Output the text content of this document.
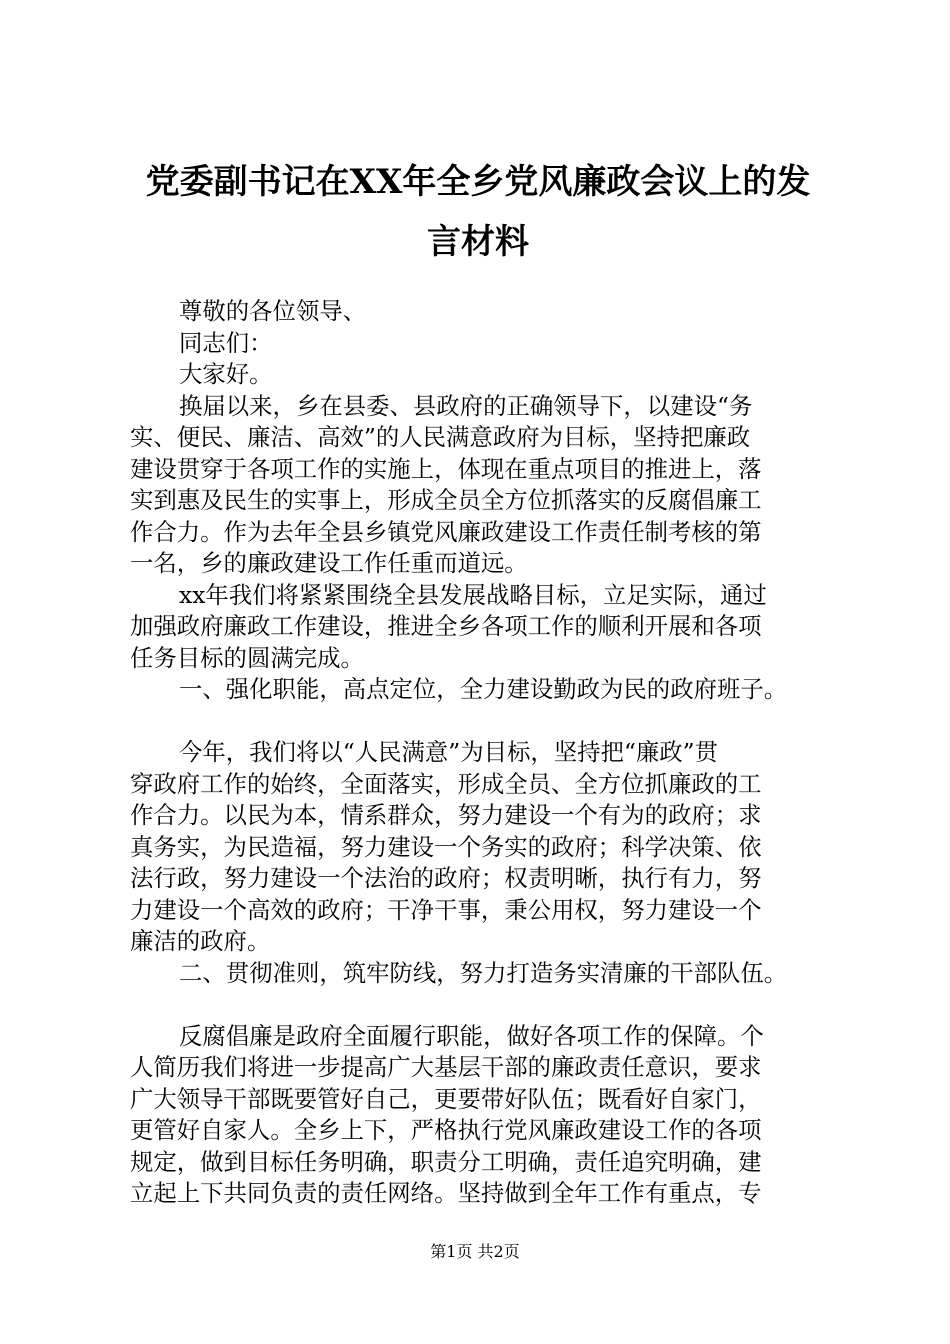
党委副书记在XX年全乡党风廉政会议上的发
言材料
尊敬的各位领导、
同志们：
大家好。
换届以来，乡在县委、县政府的正确领导下，以建设“务
实、便民、廉洁、高效”的人民满意政府为目标，坚持把廉政
建设贯穿于各项工作的实施上，体现在重点项目的推进上，落
实到惠及民生的实事上，形成全员全方位抓落实的反腐倡廉工
作合力。作为去年全县乡镇党风廉政建设工作责任制考核的第
一名，乡的廉政建设工作任重而道远。
xx年我们将紧紧围绕全县发展战略目标，立足实际，通过
加强政府廉政工作建设，推进全乡各项工作的顺利开展和各项
任务目标的圆满完成。
一、强化职能，高点定位，全力建设勤政为民的政府班子。
今年，我们将以“人民满意”为目标，坚持把“廉政”贯
穿政府工作的始终，全面落实，形成全员、全方位抓廉政的工
作合力。以民为本，情系群众，努力建设一个有为的政府；求
真务实，为民造福，努力建设一个务实的政府；科学决策、依
法行政，努力建设一个法治的政府；权责明晰，执行有力，努
力建设一个高效的政府；干净干事，秉公用权，努力建设一个
廉洁的政府。
二、贯彻准则，筑牢防线，努力打造务实清廉的干部队伍。
反腐倡廉是政府全面履行职能，做好各项工作的保障。个
人简历我们将进一步提高广大基层干部的廉政责任意识，要求
广大领导干部既要管好自己，更要带好队伍；既看好自家门，
更管好自家人。全乡上下，严格执行党风廉政建设工作的各项
规定，做到目标任务明确，职责分工明确，责任追究明确，建
立起上下共同负责的责任网络。坚持做到全年工作有重点，专
第1页 共2页
